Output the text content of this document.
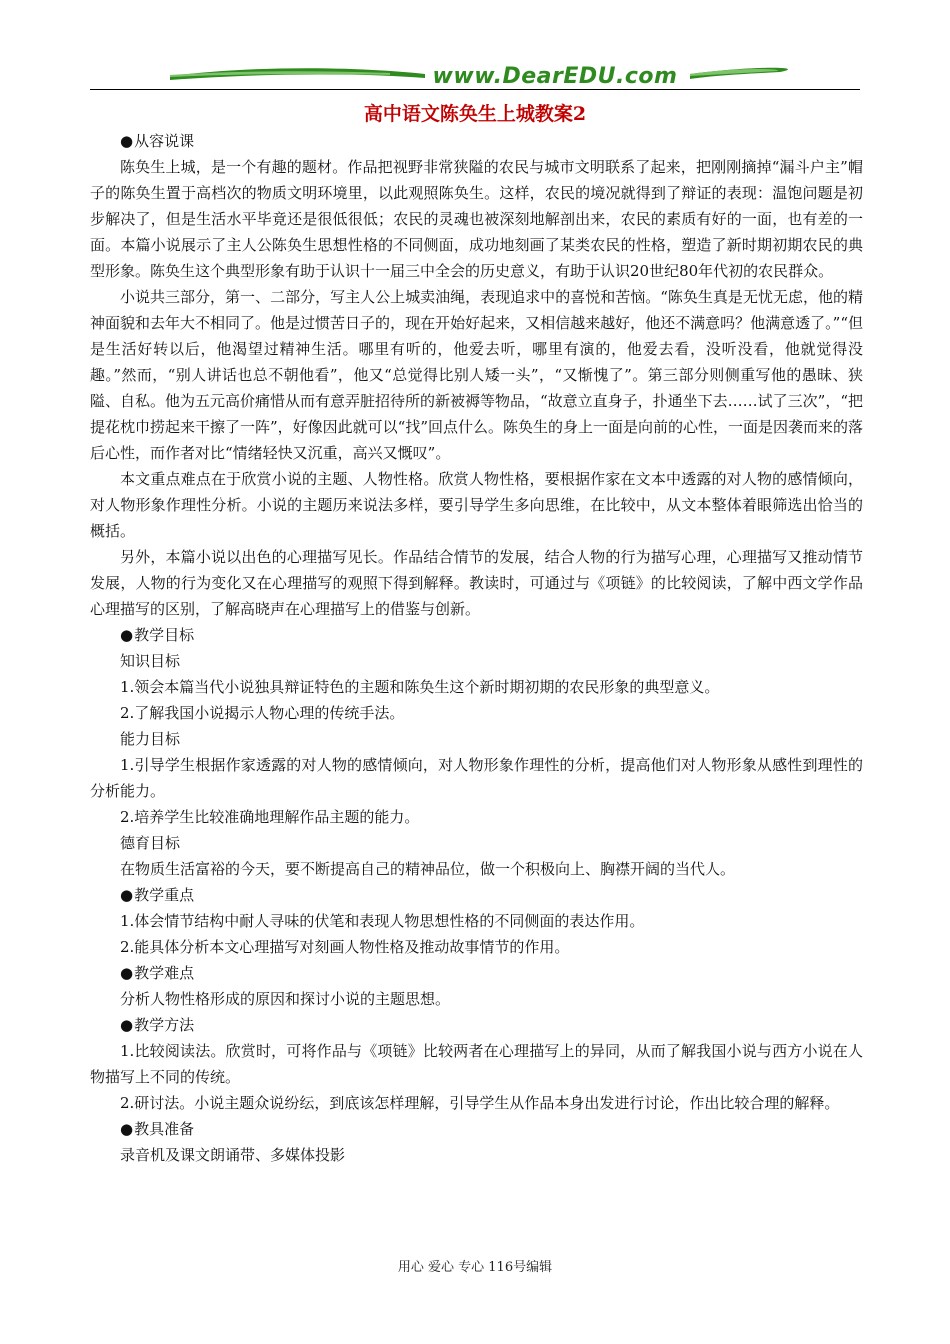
www.DearEDU.com
高中语文陈奂生上城教案2

●从容说课

陈奂生上城，是一个有趣的题材。作品把视野非常狭隘的农民与城市文明联系了起来，把刚刚摘掉“漏斗户主”帽子的陈奂生置于高档次的物质文明环境里，以此观照陈奂生。这样，农民的境况就得到了辩证的表现：温饱问题是初步解决了，但是生活水平毕竟还是很低很低；农民的灵魂也被深刻地解剖出来，农民的素质有好的一面，也有差的一面。本篇小说展示了主人公陈奂生思想性格的不同侧面，成功地刻画了某类农民的性格，塑造了新时期初期农民的典型形象。陈奂生这个典型形象有助于认识十一届三中全会的历史意义，有助于认识20世纪80年代初的农民群众。

小说共三部分，第一、二部分，写主人公上城卖油绳，表现追求中的喜悦和苦恼。“陈奂生真是无忧无虑，他的精神面貌和去年大不相同了。他是过惯苦日子的，现在开始好起来，又相信越来越好，他还不满意吗？他满意透了。”“但是生活好转以后，他渴望过精神生活。哪里有听的，他爱去听，哪里有演的，他爱去看，没听没看，他就觉得没趣。”然而，“别人讲话也总不朝他看”，他又“总觉得比别人矮一头”，“又惭愧了”。第三部分则侧重写他的愚昧、狭隘、自私。他为五元高价痛惜从而有意弄脏招待所的新被褥等物品，“故意立直身子，扑通坐下去……试了三次”，“把提花枕巾捞起来干擦了一阵”，好像因此就可以“找”回点什么。陈奂生的身上一面是向前的心性，一面是因袭而来的落后心性，而作者对比“情绪轻快又沉重，高兴又慨叹”。

本文重点难点在于欣赏小说的主题、人物性格。欣赏人物性格，要根据作家在文本中透露的对人物的感情倾向，对人物形象作理性分析。小说的主题历来说法多样，要引导学生多向思维，在比较中，从文本整体着眼筛选出恰当的概括。

另外，本篇小说以出色的心理描写见长。作品结合情节的发展，结合人物的行为描写心理，心理描写又推动情节发展，人物的行为变化又在心理描写的观照下得到解释。教读时，可通过与《项链》的比较阅读，了解中西文学作品心理描写的区别，了解高晓声在心理描写上的借鉴与创新。

●教学目标

知识目标

1.领会本篇当代小说独具辩证特色的主题和陈奂生这个新时期初期的农民形象的典型意义。

2.了解我国小说揭示人物心理的传统手法。

能力目标

1.引导学生根据作家透露的对人物的感情倾向，对人物形象作理性的分析，提高他们对人物形象从感性到理性的分析能力。

2.培养学生比较准确地理解作品主题的能力。

德育目标

在物质生活富裕的今天，要不断提高自己的精神品位，做一个积极向上、胸襟开阔的当代人。

●教学重点

1.体会情节结构中耐人寻味的伏笔和表现人物思想性格的不同侧面的表达作用。

2.能具体分析本文心理描写对刻画人物性格及推动故事情节的作用。

●教学难点

分析人物性格形成的原因和探讨小说的主题思想。

●教学方法

1.比较阅读法。欣赏时，可将作品与《项链》比较两者在心理描写上的异同，从而了解我国小说与西方小说在人物描写上不同的传统。

2.研讨法。小说主题众说纷纭，到底该怎样理解，引导学生从作品本身出发进行讨论，作出比较合理的解释。

●教具准备

录音机及课文朗诵带、多媒体投影

用心 爱心 专心 116号编辑
